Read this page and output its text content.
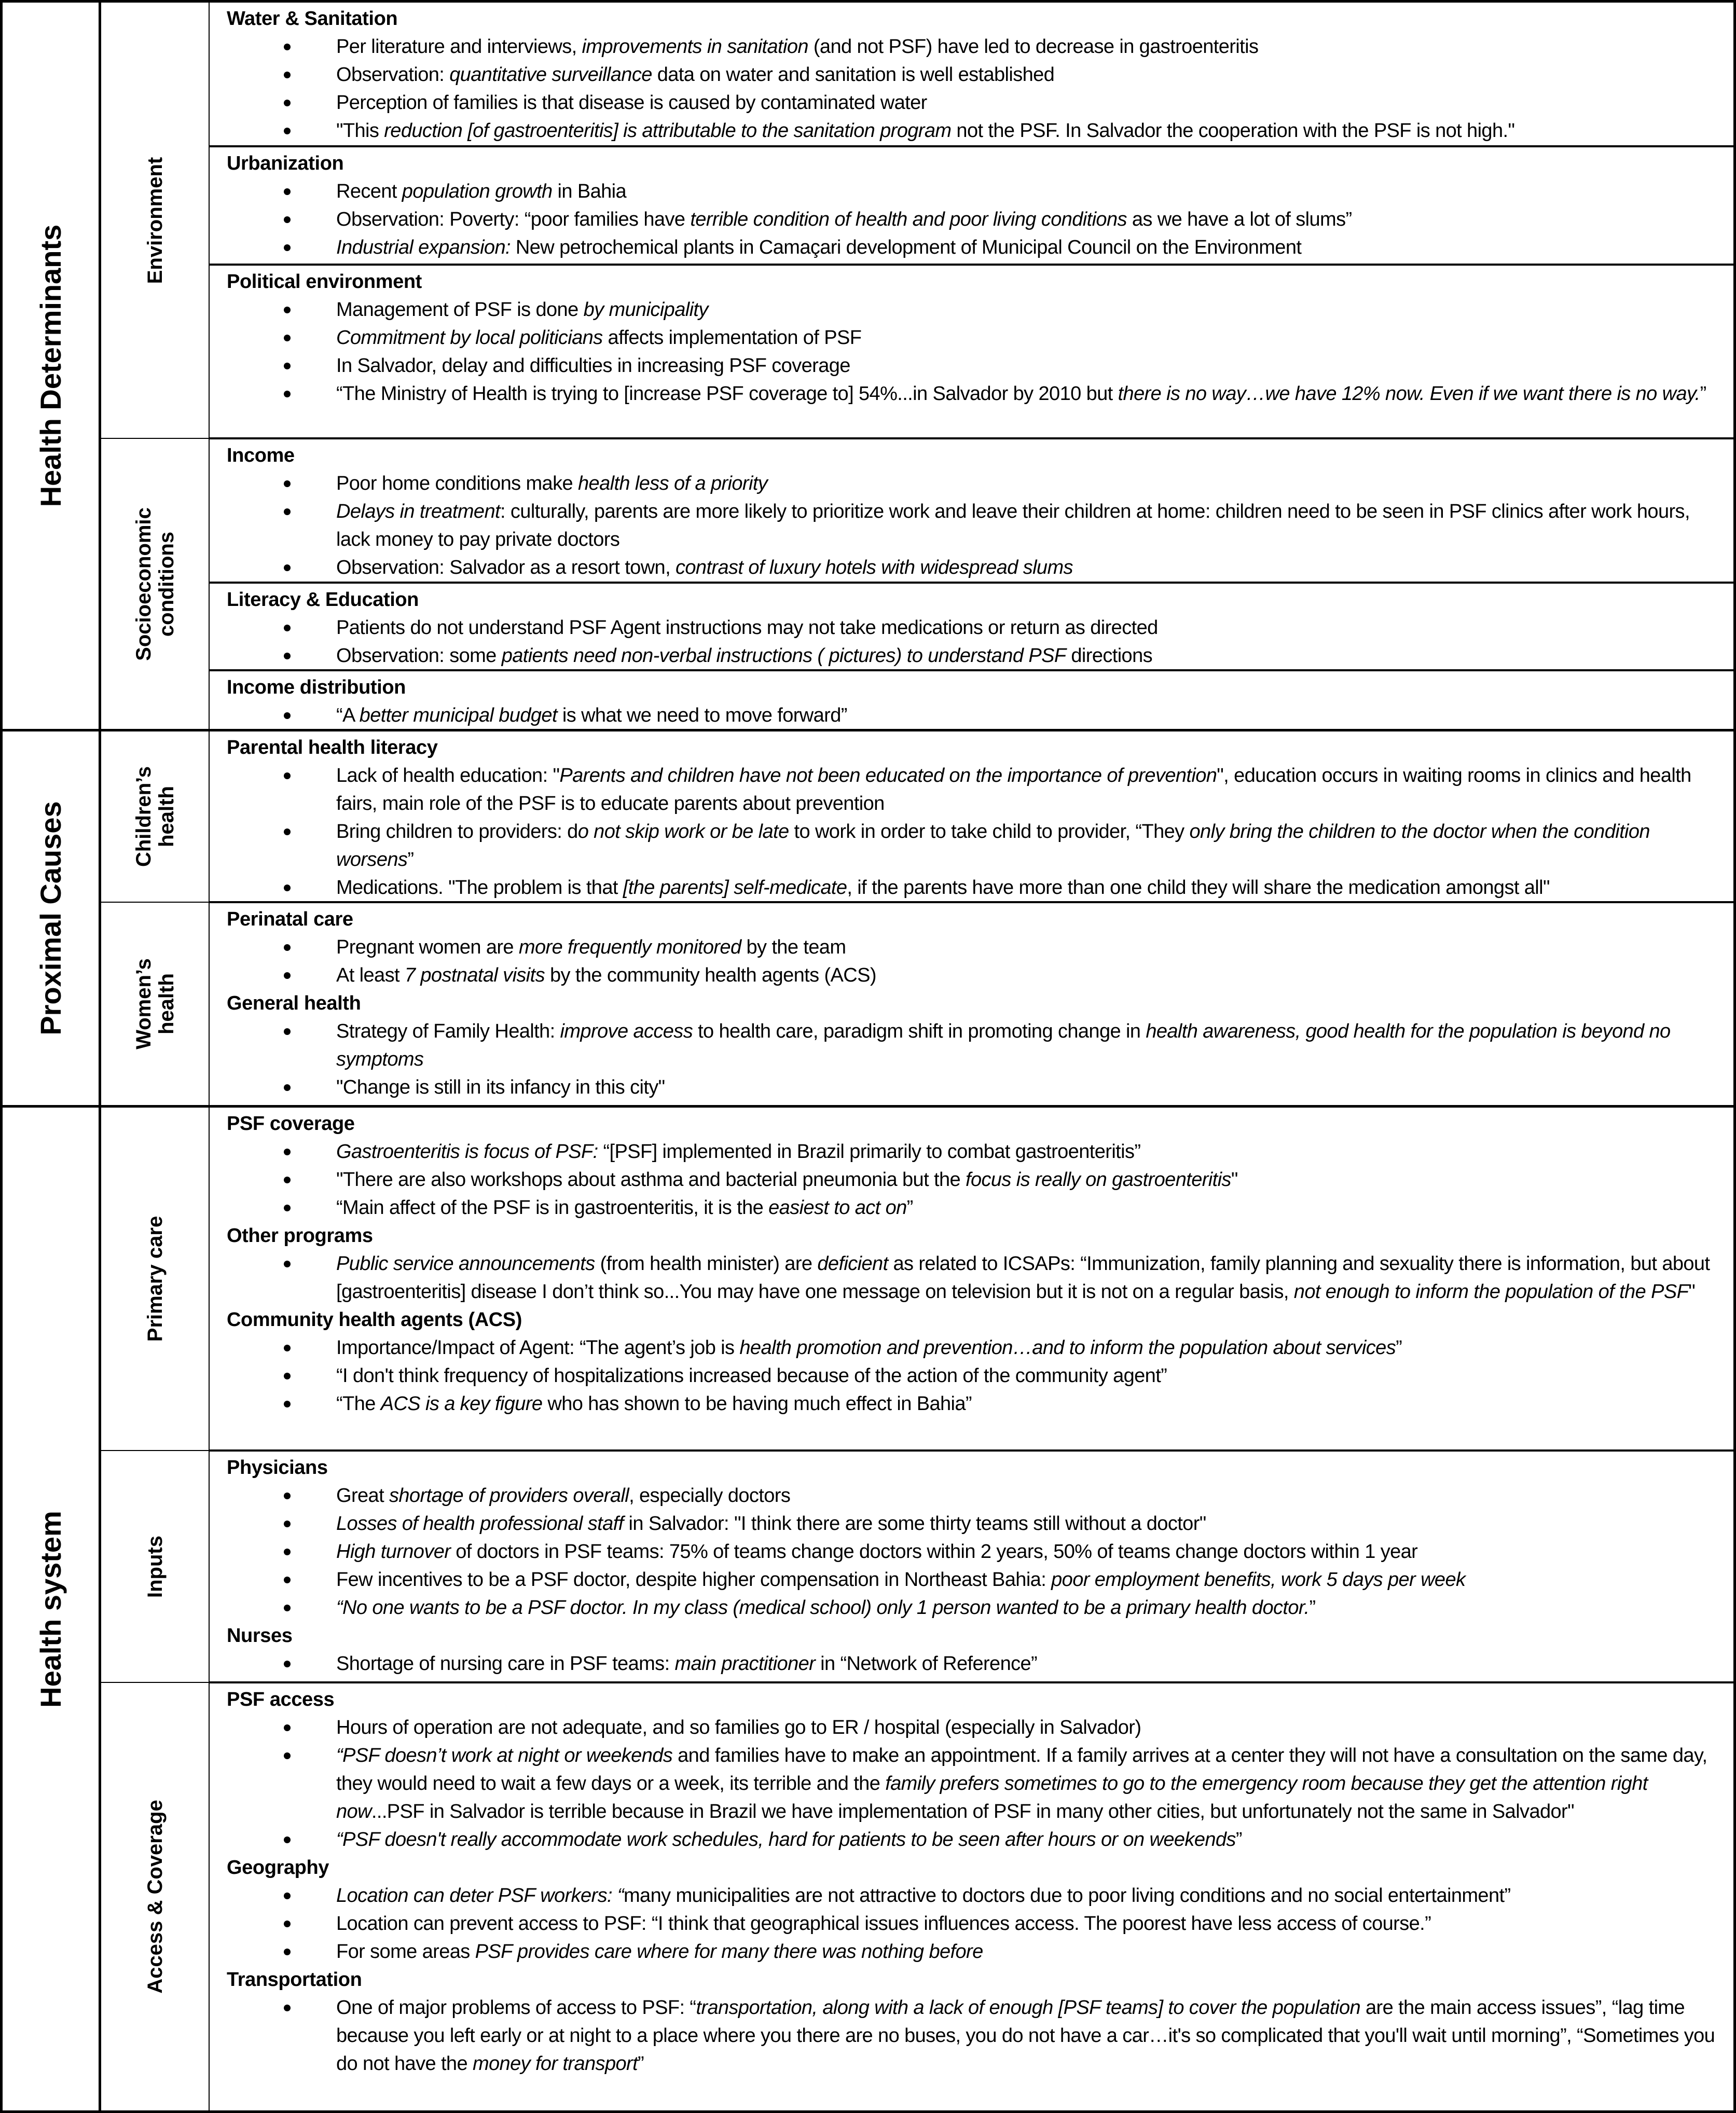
Health Determinants
Proximal Causes
Health system
Environment
Socioeconomic conditions
Children’s health
Women’s health
Primary care
Inputs
Access & Coverage
Water & Sanitation
Per literature and interviews, improvements in sanitation (and not PSF) have led to decrease in gastroenteritis
Observation: quantitative surveillance data on water and sanitation is well established
Perception of families is that disease is caused by contaminated water
"This reduction [of gastroenteritis] is attributable to the sanitation program not the PSF. In Salvador the cooperation with the PSF is not high."
Urbanization
Recent population growth in Bahia
Observation: Poverty: “poor families have terrible condition of health and poor living conditions as we have a lot of slums”
Industrial expansion: New petrochemical plants in Camaçari development of Municipal Council on the Environment
Political environment
Management of PSF is done by municipality
Commitment by local politicians affects implementation of PSF
In Salvador, delay and difficulties in increasing PSF coverage
“The Ministry of Health is trying to [increase PSF coverage to] 54%...in Salvador by 2010 but there is no way…we have 12% now. Even if we want there is no way.”
Income
Poor home conditions make health less of a priority
Delays in treatment: culturally, parents are more likely to prioritize work and leave their children at home: children need to be seen in PSF clinics after work hours, lack money to pay private doctors
Observation: Salvador as a resort town, contrast of luxury hotels with widespread slums
Literacy & Education
Patients do not understand PSF Agent instructions may not take medications or return as directed
Observation: some patients need non-verbal instructions ( pictures) to understand PSF directions
Income distribution
“A better municipal budget is what we need to move forward”
Parental health literacy
Lack of health education: "Parents and children have not been educated on the importance of prevention", education occurs in waiting rooms in clinics and health fairs, main role of the PSF is to educate parents about prevention
Bring children to providers: do not skip work or be late to work in order to take child to provider, “They only bring the children to the doctor when the condition worsens”
Medications. "The problem is that [the parents] self-medicate, if the parents have more than one child they will share the medication amongst all"
Perinatal care
Pregnant women are more frequently monitored by the team
At least 7 postnatal visits by the community health agents (ACS)
General health
Strategy of Family Health: improve access to health care, paradigm shift in promoting change in health awareness, good health for the population is beyond no symptoms
"Change is still in its infancy in this city"
PSF coverage
Gastroenteritis is focus of PSF: “[PSF] implemented in Brazil primarily to combat gastroenteritis”
"There are also workshops about asthma and bacterial pneumonia but the focus is really on gastroenteritis"
“Main affect of the PSF is in gastroenteritis, it is the easiest to act on”
Other programs
Public service announcements (from health minister) are deficient as related to ICSAPs: “Immunization, family planning and sexuality there is information, but about [gastroenteritis] disease I don’t think so...You may have one message on television but it is not on a regular basis, not enough to inform the population of the PSF"
Community health agents (ACS)
Importance/Impact of Agent: “The agent’s job is health promotion and prevention…and to inform the population about services”
“I don't think frequency of hospitalizations increased because of the action of the community agent”
“The ACS is a key figure who has shown to be having much effect in Bahia”
Physicians
Great shortage of providers overall, especially doctors
Losses of health professional staff in Salvador: "I think there are some thirty teams still without a doctor"
High turnover of doctors in PSF teams: 75% of teams change doctors within 2 years, 50% of teams change doctors within 1 year
Few incentives to be a PSF doctor, despite higher compensation in Northeast Bahia: poor employment benefits, work 5 days per week
“No one wants to be a PSF doctor. In my class (medical school) only 1 person wanted to be a primary health doctor.”
Nurses
Shortage of nursing care in PSF teams: main practitioner in “Network of Reference”
PSF access
Hours of operation are not adequate, and so families go to ER / hospital (especially in Salvador)
“PSF doesn’t work at night or weekends and families have to make an appointment. If a family arrives at a center they will not have a consultation on the same day, they would need to wait a few days or a week, its terrible and the family prefers sometimes to go to the emergency room because they get the attention right now...PSF in Salvador is terrible because in Brazil we have implementation of PSF in many other cities, but unfortunately not the same in Salvador"
“PSF doesn't really accommodate work schedules, hard for patients to be seen after hours or on weekends”
Geography
Location can deter PSF workers: “many municipalities are not attractive to doctors due to poor living conditions and no social entertainment”
Location can prevent access to PSF: “I think that geographical issues influences access. The poorest have less access of course.”
For some areas PSF provides care where for many there was nothing before
Transportation
One of major problems of access to PSF: “transportation, along with a lack of enough [PSF teams] to cover the population are the main access issues”, “lag time because you left early or at night to a place where you there are no buses, you do not have a car…it's so complicated that you'll wait until morning”, “Sometimes you do not have the money for transport”
